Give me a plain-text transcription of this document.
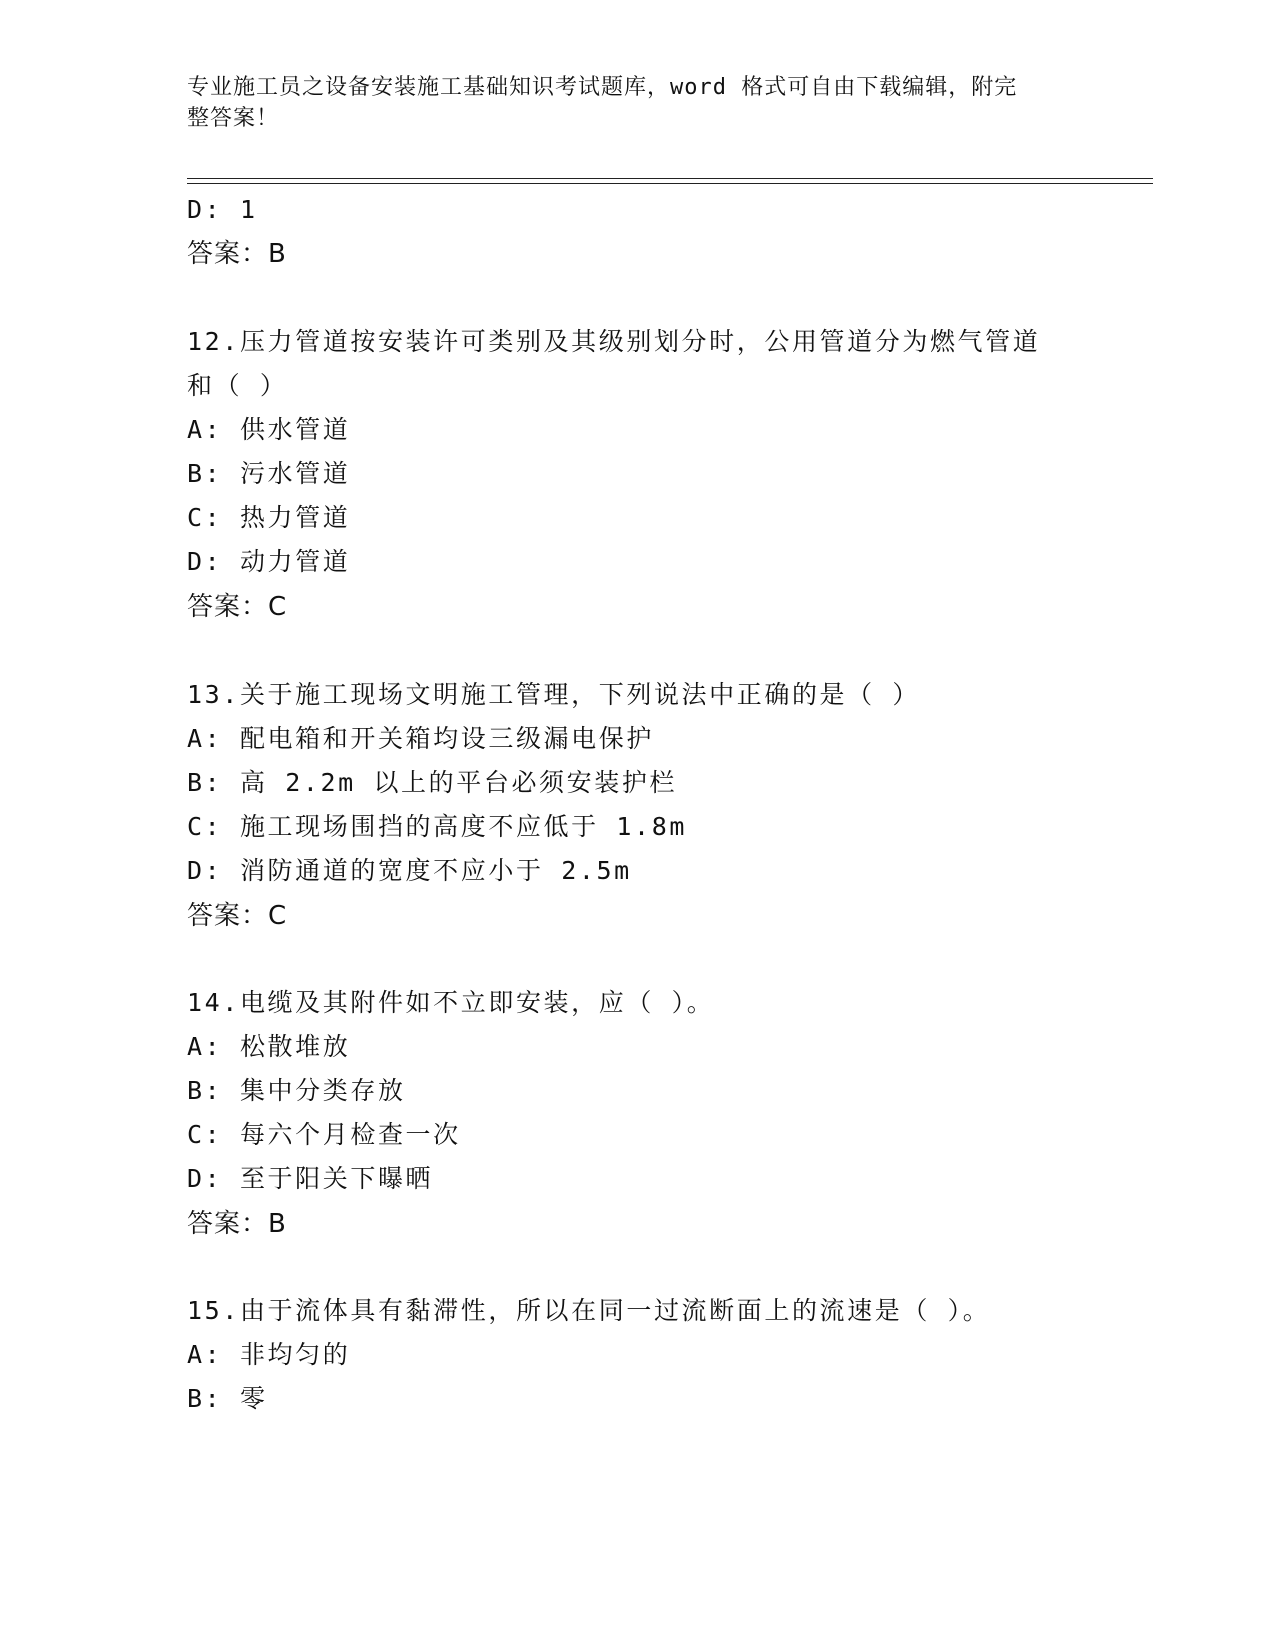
专业施工员之设备安装施工基础知识考试题库，word 格式可自由下载编辑，附完
整答案！
D: 1
答案：B
12.压力管道按安装许可类别及其级别划分时，公用管道分为燃气管道
和（ ）
A: 供水管道
B: 污水管道
C: 热力管道
D: 动力管道
答案：C
13.关于施工现场文明施工管理，下列说法中正确的是（ ）
A: 配电箱和开关箱均设三级漏电保护
B: 高 2.2m 以上的平台必须安装护栏
C: 施工现场围挡的高度不应低于 1.8m
D: 消防通道的宽度不应小于 2.5m
答案：C
14.电缆及其附件如不立即安装，应（ ）。
A: 松散堆放
B: 集中分类存放
C: 每六个月检查一次
D: 至于阳关下曝晒
答案：B
15.由于流体具有黏滞性，所以在同一过流断面上的流速是（ ）。
A: 非均匀的
B: 零
